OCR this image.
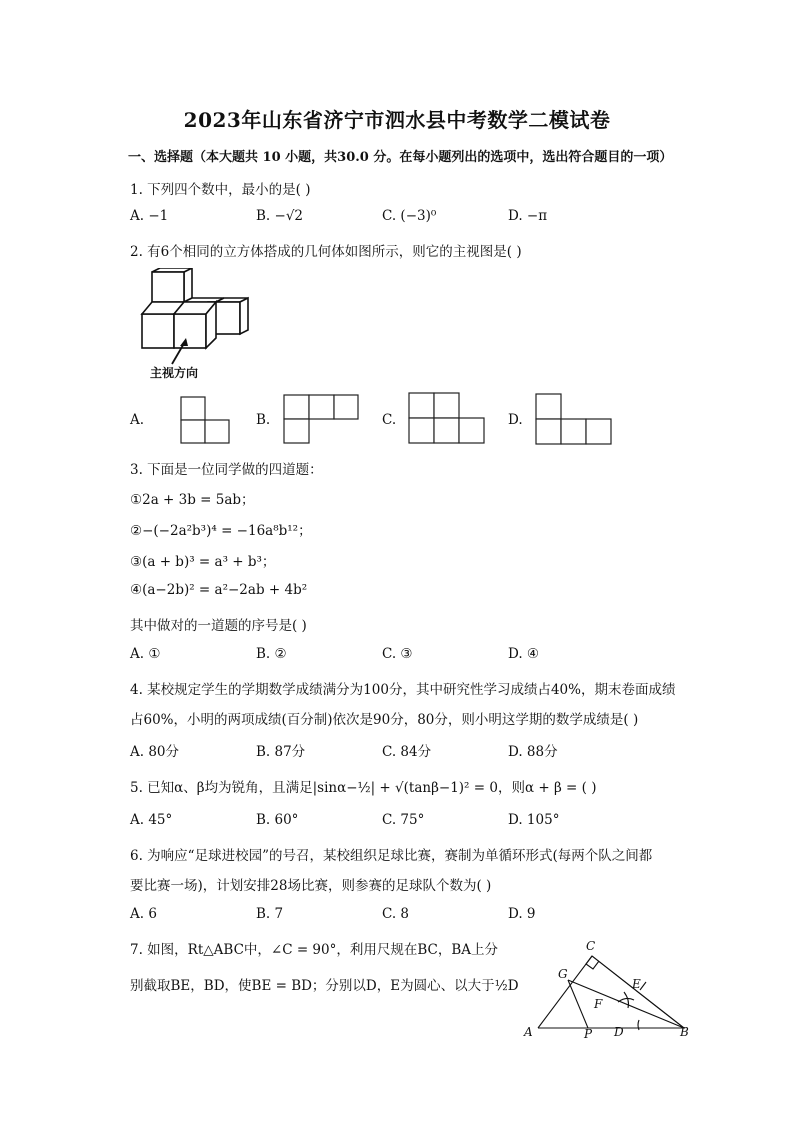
2023年山东省济宁市泗水县中考数学二模试卷
一、选择题（本大题共 10 小题，共30.0 分。在每小题列出的选项中，选出符合题目的一项）
1. 下列四个数中，最小的是( )
A. −1	B. −√2	C. (−3)⁰	D. −π
2. 有6个相同的立方体搭成的几何体如图所示，则它的主视图是( )
主视方向
A.	B.	C.	D.
3. 下面是一位同学做的四道题：
①2a + 3b = 5ab；
②−(−2a²b³)⁴ = −16a⁸b¹²；
③(a + b)³ = a³ + b³；
④(a−2b)² = a²−2ab + 4b²
其中做对的一道题的序号是( )
A. ①	B. ②	C. ③	D. ④
4. 某校规定学生的学期数学成绩满分为100分，其中研究性学习成绩占40%，期末卷面成绩
占60%，小明的两项成绩(百分制)依次是90分，80分，则小明这学期的数学成绩是( )
A. 80分	B. 87分	C. 84分	D. 88分
5. 已知α、β均为锐角，且满足|sinα−½| + √(tanβ−1)² = 0，则α + β = ( )
A. 45°	B. 60°	C. 75°	D. 105°
6. 为响应“足球进校园”的号召，某校组织足球比赛，赛制为单循环形式(每两个队之间都
要比赛一场)，计划安排28场比赛，则参赛的足球队个数为( )
A. 6	B. 7	C. 8	D. 9
7. 如图，Rt△ABC中，∠C = 90°，利用尺规在BC，BA上分
别截取BE，BD，使BE = BD；分别以D，E为圆心、以大于½D
C
G
E
F
A	P D	B
